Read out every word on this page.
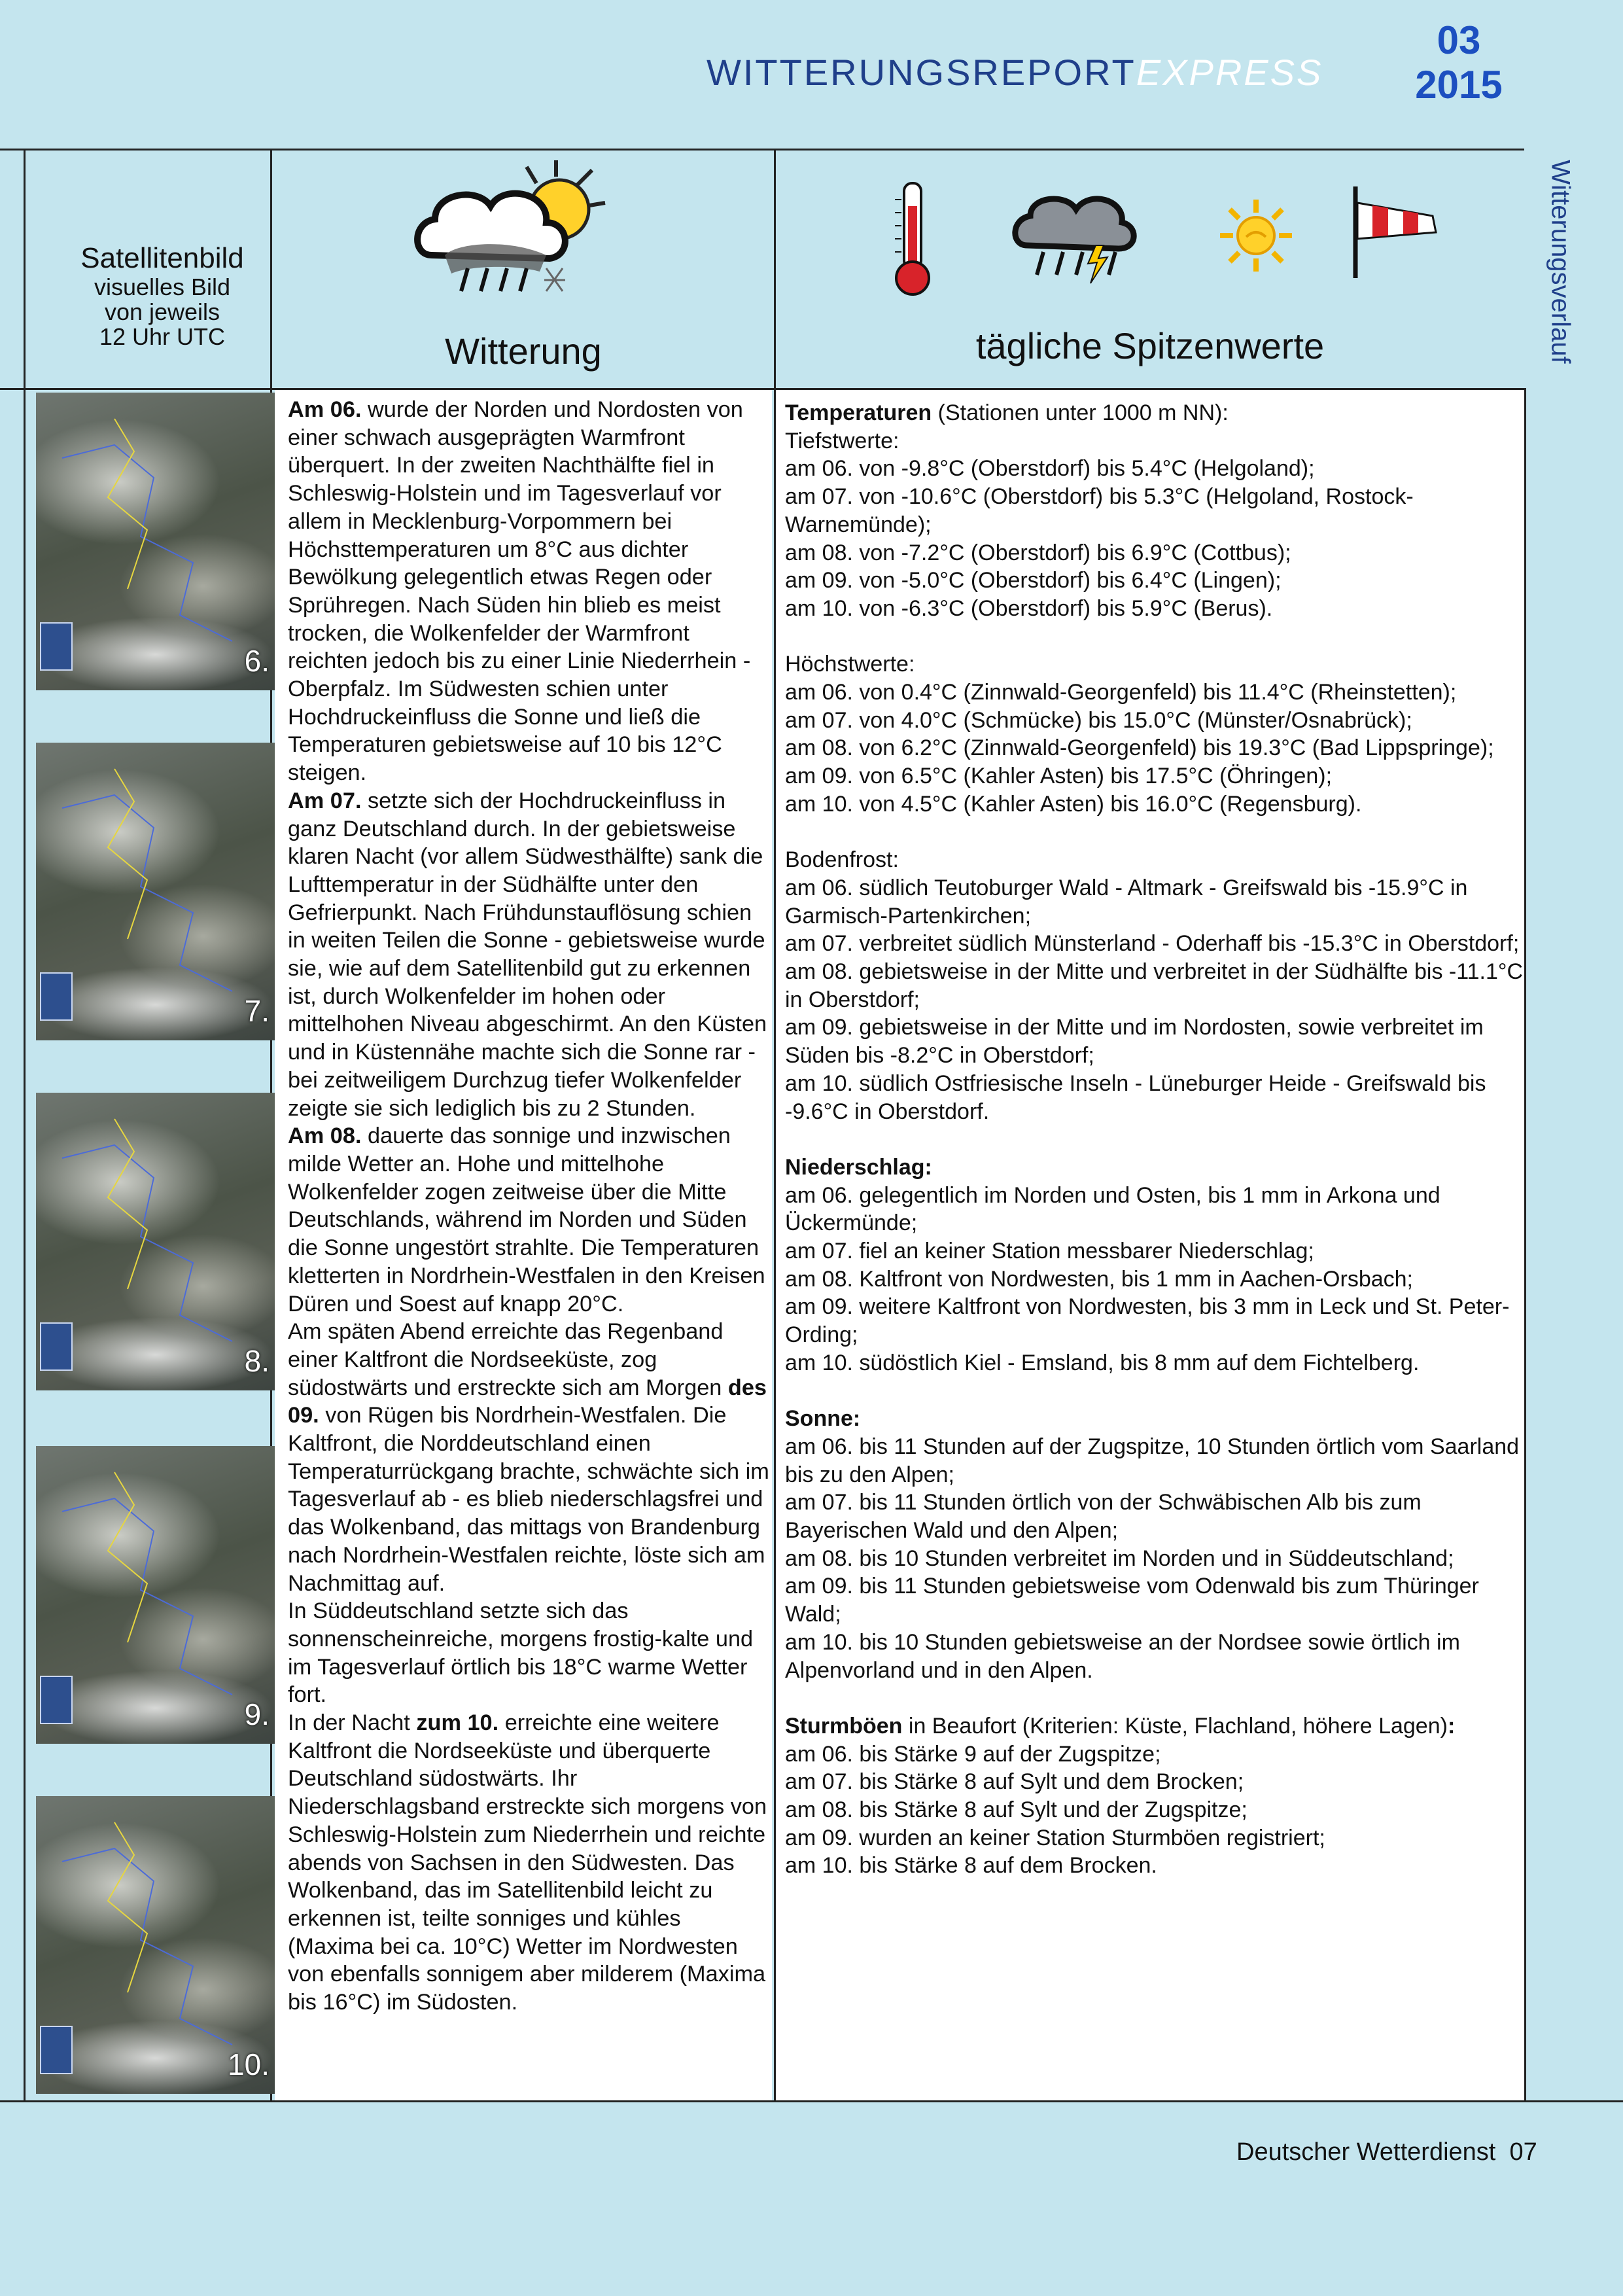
WITTERUNGSREPORTEXPRESS
03
2015
Satellitenbild
visuelles Bild
von jeweils
12 Uhr UTC	Witterung	tägliche Spitzenwerte	Witterungsverlauf
6.
7.
8.
9.
10.

Am 06. wurde der Norden und Nordosten von einer schwach ausgeprägten Warmfront überquert. In der zweiten Nachthälfte fiel in Schleswig-Holstein und im Tagesverlauf vor allem in Mecklenburg-Vorpommern bei Höchsttemperaturen um 8°C aus dichter Bewölkung gelegentlich etwas Regen oder Sprühregen. Nach Süden hin blieb es meist trocken, die Wolkenfelder der Warmfront reichten jedoch bis zu einer Linie Niederrhein - Oberpfalz. Im Südwesten schien unter Hochdruckeinfluss die Sonne und ließ die Temperaturen gebietsweise auf 10 bis 12°C steigen.

Am 07. setzte sich der Hochdruckeinfluss in ganz Deutschland durch. In der gebietsweise klaren Nacht (vor allem Südwesthälfte) sank die Lufttemperatur in der Südhälfte unter den Gefrierpunkt. Nach Frühdunstauflösung schien in weiten Teilen die Sonne - gebietsweise wurde sie, wie auf dem Satellitenbild gut zu erkennen ist, durch Wolkenfelder im hohen oder mittelhohen Niveau abgeschirmt. An den Küsten und in Küstennähe machte sich die Sonne rar - bei zeitweiligem Durchzug tiefer Wolkenfelder zeigte sie sich lediglich bis zu 2 Stunden.

Am 08. dauerte das sonnige und inzwischen milde Wetter an. Hohe und mittelhohe Wolkenfelder zogen zeitweise über die Mitte Deutschlands, während im Norden und Süden die Sonne ungestört strahlte. Die Temperaturen kletterten in Nordrhein-Westfalen in den Kreisen Düren und Soest auf knapp 20°C.

Am späten Abend erreichte das Regenband einer Kaltfront die Nordseeküste, zog südostwärts und erstreckte sich am Morgen des 09. von Rügen bis Nordrhein-Westfalen. Die Kaltfront, die Norddeutschland einen Temperaturrückgang brachte, schwächte sich im Tagesverlauf ab - es blieb niederschlagsfrei und das Wolkenband, das mittags von Brandenburg nach Nordrhein-Westfalen reichte, löste sich am Nachmittag auf.

In Süddeutschland setzte sich das sonnenscheinreiche, morgens frostig-kalte und im Tagesverlauf örtlich bis 18°C warme Wetter fort.

In der Nacht zum 10. erreichte eine weitere Kaltfront die Nordseeküste und überquerte Deutschland südostwärts. Ihr Niederschlagsband erstreckte sich morgens von Schleswig-Holstein zum Niederrhein und reichte abends von Sachsen in den Südwesten. Das Wolkenband, das im Satellitenbild leicht zu erkennen ist, teilte sonniges und kühles (Maxima bei ca. 10°C) Wetter im Nordwesten von ebenfalls sonnigem aber milderem (Maxima bis 16°C) im Südosten.

Temperaturen (Stationen unter 1000 m NN):

Tiefstwerte:

am 06. von -9.8°C (Oberstdorf) bis 5.4°C (Helgoland);

am 07. von -10.6°C (Oberstdorf) bis 5.3°C (Helgoland, Rostock-Warnemünde);

am 08. von -7.2°C (Oberstdorf) bis 6.9°C (Cottbus);

am 09. von -5.0°C (Oberstdorf) bis 6.4°C (Lingen);

am 10. von -6.3°C (Oberstdorf) bis 5.9°C (Berus).

Höchstwerte:

am 06. von 0.4°C (Zinnwald-Georgenfeld) bis 11.4°C (Rheinstetten);

am 07. von 4.0°C (Schmücke) bis 15.0°C (Münster/Osnabrück);

am 08. von 6.2°C (Zinnwald-Georgenfeld) bis 19.3°C (Bad Lippspringe);

am 09. von 6.5°C (Kahler Asten) bis 17.5°C (Öhringen);

am 10. von 4.5°C (Kahler Asten) bis 16.0°C (Regensburg).

Bodenfrost:

am 06. südlich Teutoburger Wald - Altmark - Greifswald bis -15.9°C in Garmisch-Partenkirchen;

am 07. verbreitet südlich Münsterland - Oderhaff bis -15.3°C in Oberstdorf;

am 08. gebietsweise in der Mitte und verbreitet in der Südhälfte bis -11.1°C in Oberstdorf;

am 09. gebietsweise in der Mitte und im Nordosten, sowie verbreitet im Süden bis -8.2°C in Oberstdorf;

am 10. südlich Ostfriesische Inseln - Lüneburger Heide - Greifswald bis -9.6°C in Oberstdorf.

Niederschlag:

am 06. gelegentlich im Norden und Osten, bis 1 mm in Arkona und Ückermünde;

am 07. fiel an keiner Station messbarer Niederschlag;

am 08. Kaltfront von Nordwesten, bis 1 mm in Aachen-Orsbach;

am 09. weitere Kaltfront von Nordwesten, bis 3 mm in Leck und St. Peter-Ording;

am 10. südöstlich Kiel - Emsland, bis 8 mm auf dem Fichtelberg.

Sonne:

am 06. bis 11 Stunden auf der Zugspitze, 10 Stunden örtlich vom Saarland bis zu den Alpen;

am 07. bis 11 Stunden örtlich von der Schwäbischen Alb bis zum Bayerischen Wald und den Alpen;

am 08. bis 10 Stunden verbreitet im Norden und in Süddeutschland;

am 09. bis 11 Stunden gebietsweise vom Odenwald bis zum Thüringer Wald;

am 10. bis 10 Stunden gebietsweise an der Nordsee sowie örtlich im Alpenvorland und in den Alpen.

Sturmböen in Beaufort (Kriterien: Küste, Flachland, höhere Lagen):

am 06. bis Stärke 9 auf der Zugspitze;

am 07. bis Stärke 8 auf Sylt und dem Brocken;

am 08. bis Stärke 8 auf Sylt und der Zugspitze;

am 09. wurden an keiner Station Sturmböen registriert;

am 10. bis Stärke 8 auf dem Brocken.

Deutscher Wetterdienst 07
